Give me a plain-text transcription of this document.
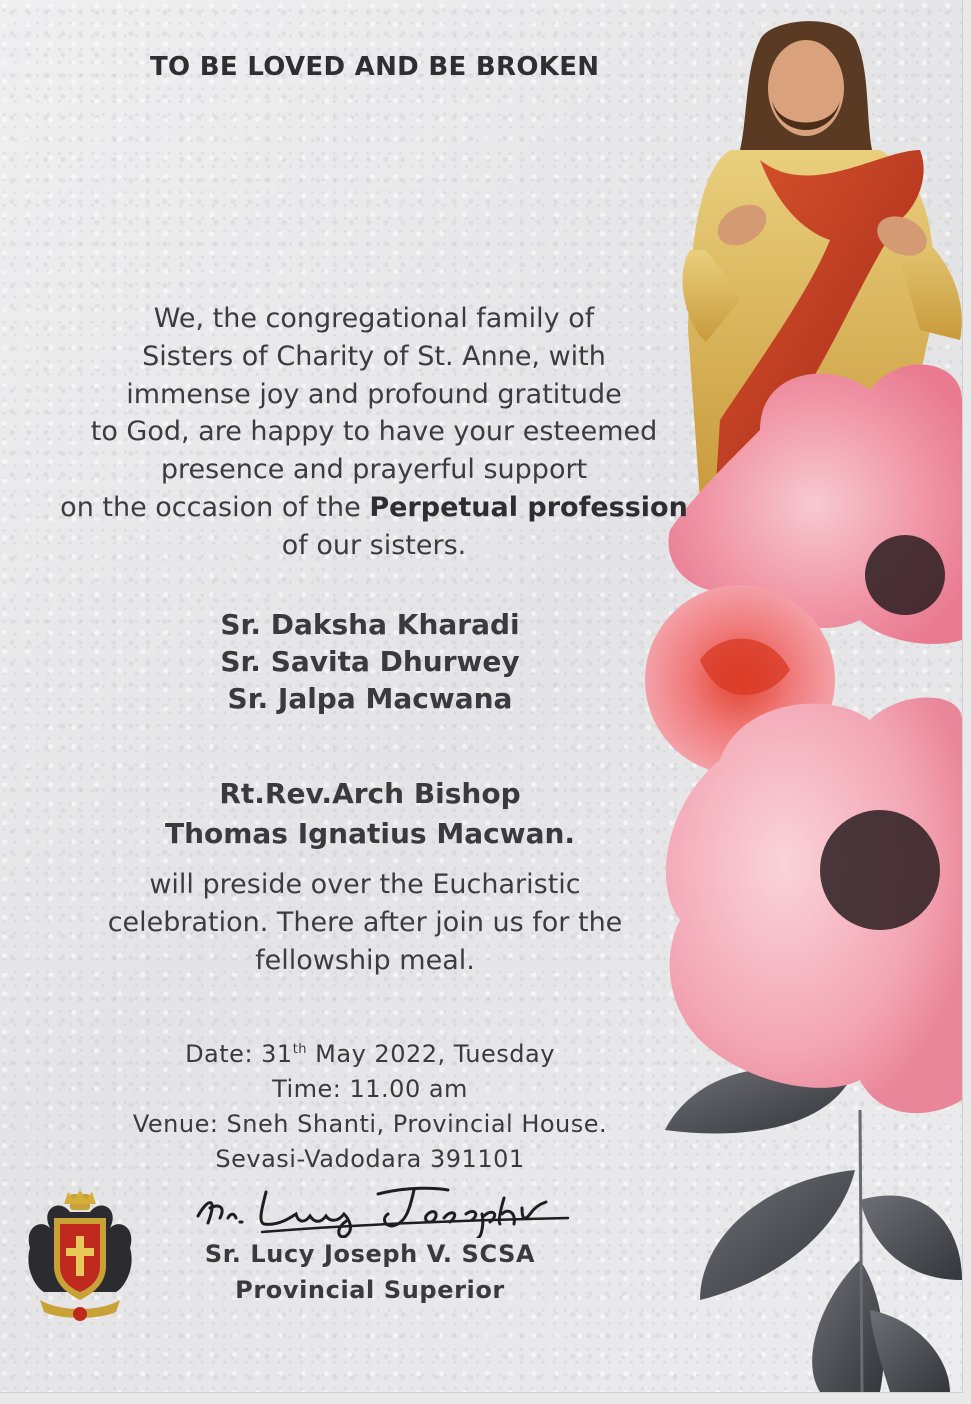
TO BE LOVED AND BE BROKEN
We, the congregational family of
Sisters of Charity of St. Anne, with
immense joy and profound gratitude
to God, are happy to have your esteemed
presence and prayerful support
on the occasion of the Perpetual profession
of our sisters.
Sr. Daksha Kharadi
Sr. Savita Dhurwey
Sr. Jalpa Macwana
Rt.Rev.Arch Bishop
Thomas Ignatius Macwan.
will preside over the Eucharistic
celebration. There after join us for the
fellowship meal.
Date: 31th May 2022, Tuesday
Time: 11.00 am
Venue: Sneh Shanti, Provincial House.
Sevasi-Vadodara 391101
Sr. Lucy Joseph V. SCSA
Provincial Superior
